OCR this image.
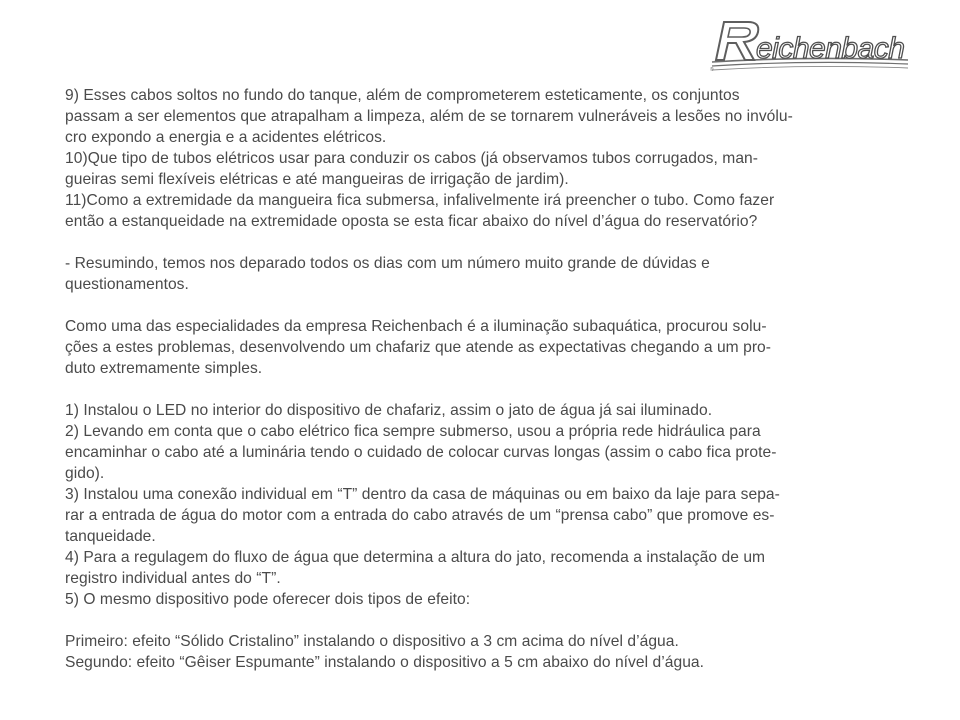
eichenbach
®

9) Esses cabos soltos no fundo do tanque, além de comprometerem esteticamente, os conjuntos

passam a ser elementos que atrapalham a limpeza, além de se tornarem vulneráveis a lesões no invólu-

cro expondo a energia e a acidentes elétricos.

10)Que tipo de tubos elétricos usar para conduzir os cabos (já observamos tubos corrugados, man-

gueiras semi flexíveis elétricas e até mangueiras de irrigação de jardim).

11)Como a extremidade da mangueira fica submersa, infalivelmente irá preencher o tubo. Como fazer

então a estanqueidade na extremidade oposta se esta ficar abaixo do nível d’água do reservatório?

- Resumindo, temos nos deparado todos os dias com um número muito grande de dúvidas e

questionamentos.

Como uma das especialidades da empresa Reichenbach é a iluminação subaquática, procurou solu-

ções a estes problemas, desenvolvendo um chafariz que atende as expectativas chegando a um pro-

duto extremamente simples.

1) Instalou o LED no interior do dispositivo de chafariz, assim o jato de água já sai iluminado.

2) Levando em conta que o cabo elétrico fica sempre submerso, usou a própria rede hidráulica para

encaminhar o cabo até a luminária tendo o cuidado de colocar curvas longas (assim o cabo fica prote-

gido).

3) Instalou uma conexão individual em “T” dentro da casa de máquinas ou em baixo da laje para sepa-

rar a entrada de água do motor com a entrada do cabo através de um “prensa cabo” que promove es-

tanqueidade.

4) Para a regulagem do fluxo de água que determina a altura do jato, recomenda a instalação de um

registro individual antes do “T”.

5) O mesmo dispositivo pode oferecer dois tipos de efeito:

Primeiro: efeito “Sólido Cristalino” instalando o dispositivo a 3 cm acima do nível d’água.

Segundo: efeito “Gêiser Espumante” instalando o dispositivo a 5 cm abaixo do nível d’água.
